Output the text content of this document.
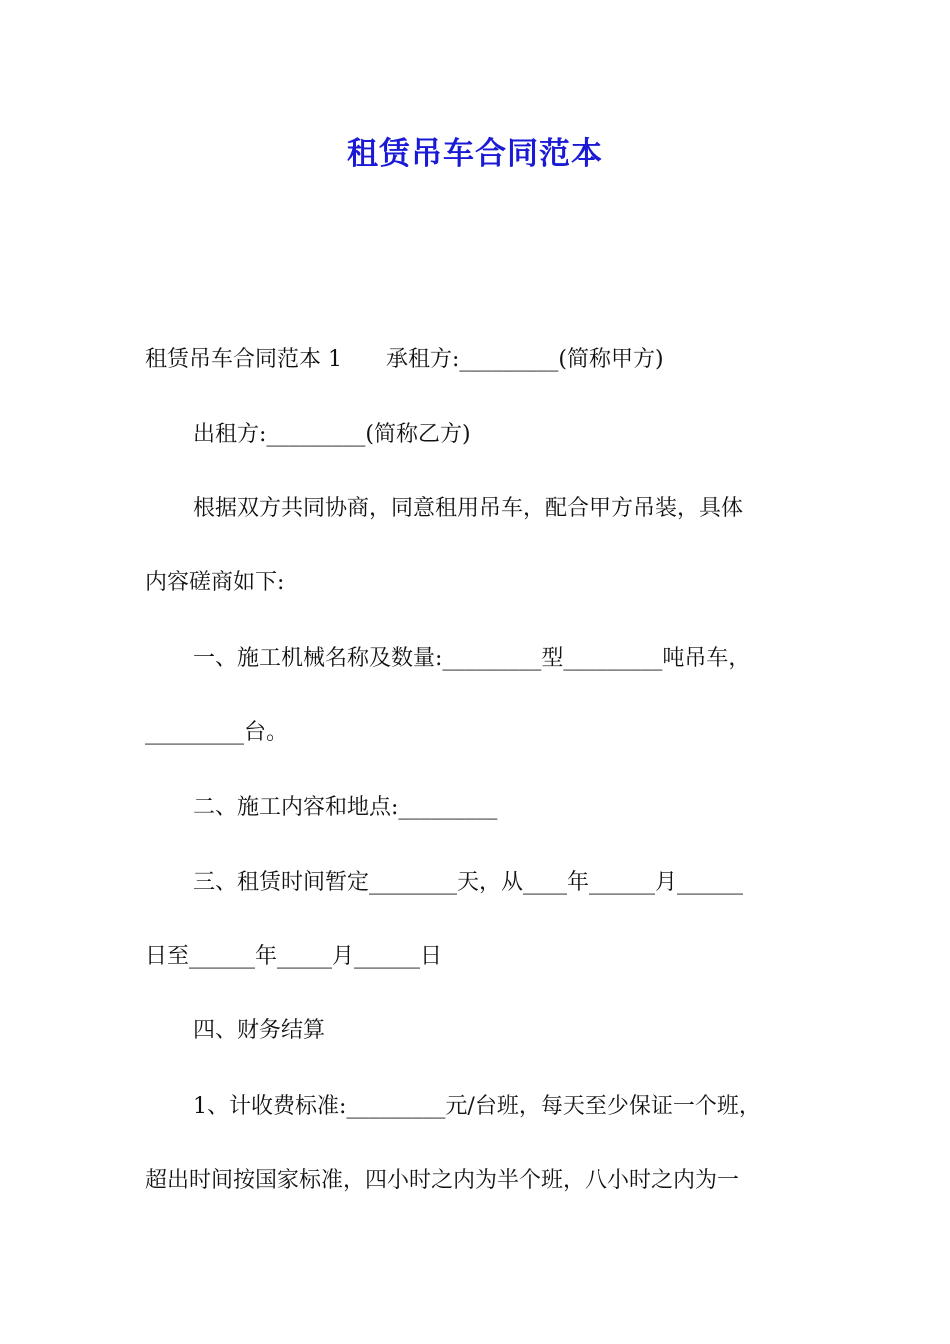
租赁吊车合同范本

租赁吊车合同范本 1　　承租方:_________(简称甲方)

出租方:_________(简称乙方)

根据双方共同协商，同意租用吊车，配合甲方吊装，具体

内容磋商如下:

一、施工机械名称及数量:_________型_________吨吊车，

_________台。

二、施工内容和地点:_________

三、租赁时间暂定________天，从____年______月______

日至______年_____月______日

四、财务结算

1、计收费标准:_________元/台班，每天至少保证一个班，

超出时间按国家标准，四小时之内为半个班，八小时之内为一
